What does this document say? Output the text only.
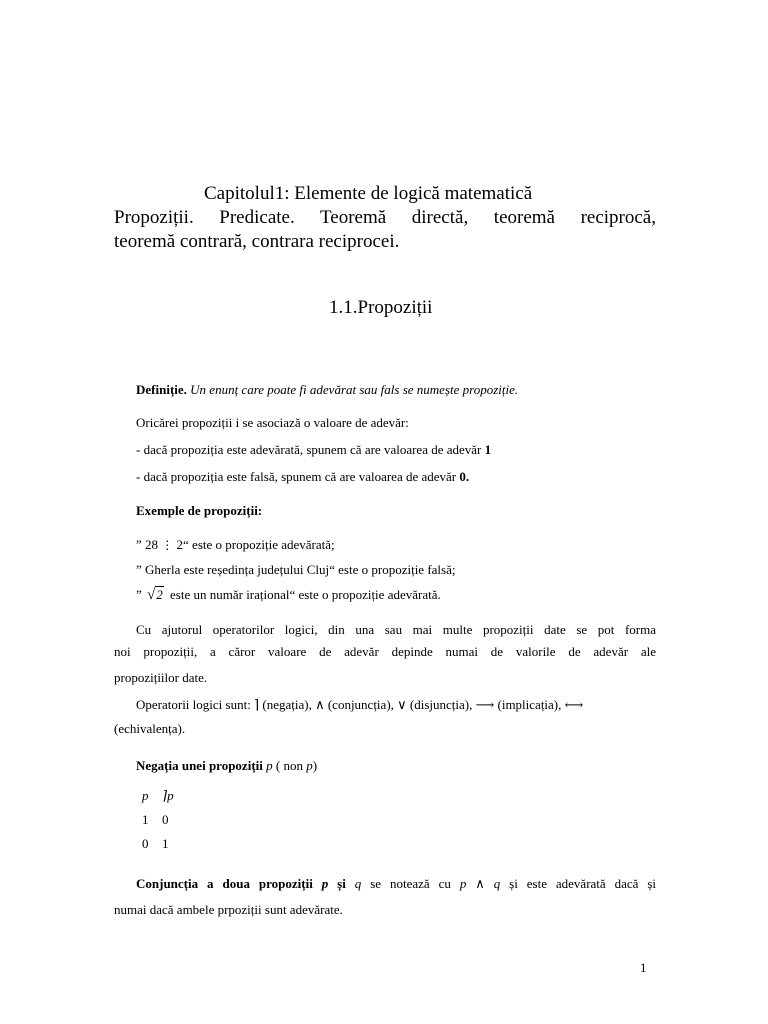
Capitolul1: Elemente de logică matematică
Propoziții. Predicate. Teoremă directă, teoremă reciprocă,
teoremă contrară, contrara reciprocei.
1.1.Propoziții
Definiție. Un enunț care poate fi adevărat sau fals se numește propoziție.
Oricărei propoziții i se asociază o valoare de adevăr:
- dacă propoziția este adevărată, spunem că are valoarea de adevăr 1
- dacă propoziția este falsă, spunem că are valoarea de adevăr 0.
Exemple de propoziții:
” 28 ⋮ 2“ este o propoziție adevărată;
” Gherla este reședința județului Cluj“ este o propoziție falsă;
” √2 este un număr irațional“ este o propoziție adevărată.
Cu ajutorul operatorilor logici, din una sau mai multe propoziții date se pot forma
noi propoziții, a căror valoare de adevăr depinde numai de valorile de adevăr ale
propozițiilor date.
Operatorii logici sunt: ⌉ (negația), ∧ (conjuncția), ∨ (disjuncția), ⟶ (implicația), ⟷
(echivalența).
Negația unei propoziții p ( non p)
p ⌉p
1 0
0 1
Conjuncția a doua propoziții p și q se notează cu p ∧ q și este adevărată dacă și
numai dacă ambele prpoziții sunt adevărate.
1
